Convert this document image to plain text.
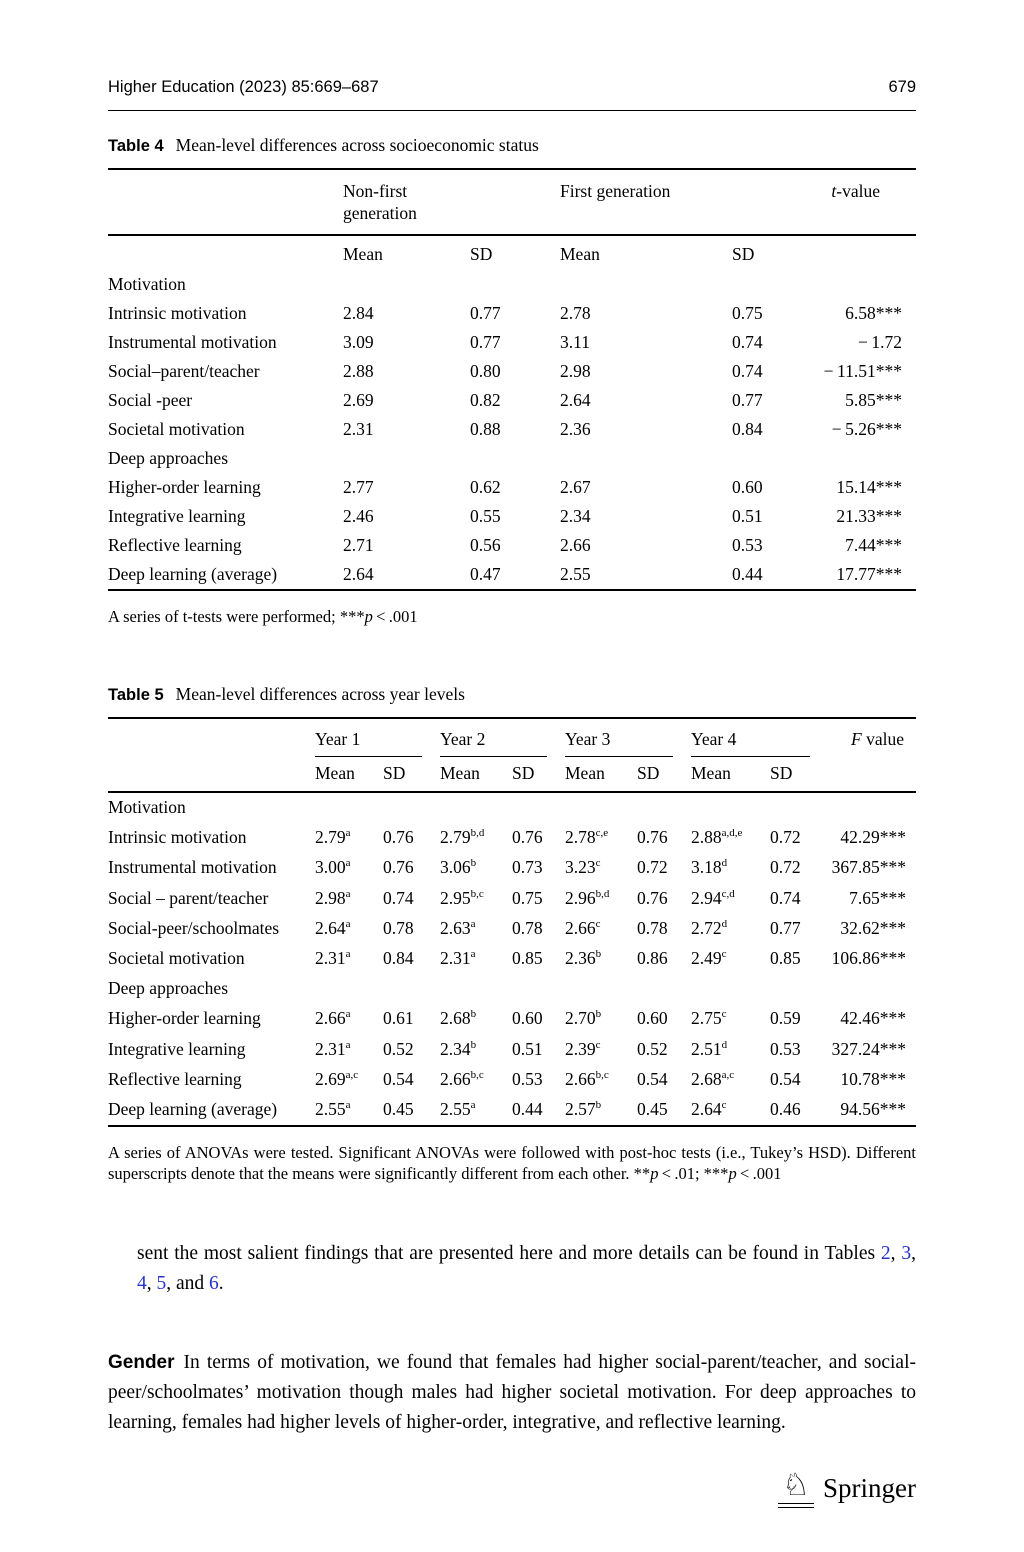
Higher Education (2023) 85:669–687	679
Table 4 Mean-level differences across socioeconomic status

	Non-first generation		First generation		t-value
	Mean	SD	Mean	SD	
Motivation					
Intrinsic motivation	2.84	0.77	2.78	0.75	6.58***
Instrumental motivation	3.09	0.77	3.11	0.74	− 1.72
Social–parent/teacher	2.88	0.80	2.98	0.74	− 11.51***
Social -peer	2.69	0.82	2.64	0.77	5.85***
Societal motivation	2.31	0.88	2.36	0.84	− 5.26***
Deep approaches					
Higher-order learning	2.77	0.62	2.67	0.60	15.14***
Integrative learning	2.46	0.55	2.34	0.51	21.33***
Reflective learning	2.71	0.56	2.66	0.53	7.44***
Deep learning (average)	2.64	0.47	2.55	0.44	17.77***
A series of t-tests were performed; ***p < .001
Table 5 Mean-level differences across year levels

	Year 1		Year 2		Year 3		Year 4		F value
	Mean	SD	Mean	SD	Mean	SD	Mean	SD	
Motivation									
Intrinsic motivation	2.79$^a$	0.76	2.79$^{b,d}$	0.76	2.78$^{c,e}$	0.76	2.88$^{a,d,e}$	0.72	42.29***
Instrumental motivation	3.00$^a$	0.76	3.06$^b$	0.73	3.23$^c$	0.72	3.18$^d$	0.72	367.85***
Social – parent/teacher	2.98$^a$	0.74	2.95$^{b,c}$	0.75	2.96$^{b,d}$	0.76	2.94$^{c,d}$	0.74	7.65***
Social-peer/schoolmates	2.64$^a$	0.78	2.63$^a$	0.78	2.66$^c$	0.78	2.72$^d$	0.77	32.62***
Societal motivation	2.31$^a$	0.84	2.31$^a$	0.85	2.36$^b$	0.86	2.49$^c$	0.85	106.86***
Deep approaches									
Higher-order learning	2.66$^a$	0.61	2.68$^b$	0.60	2.70$^b$	0.60	2.75$^c$	0.59	42.46***
Integrative learning	2.31$^a$	0.52	2.34$^b$	0.51	2.39$^c$	0.52	2.51$^d$	0.53	327.24***
Reflective learning	2.69$^{a,c}$	0.54	2.66$^{b,c}$	0.53	2.66$^{b,c}$	0.54	2.68$^{a,c}$	0.54	10.78***
Deep learning (average)	2.55$^a$	0.45	2.55$^a$	0.44	2.57$^b$	0.45	2.64$^c$	0.46	94.56***
A series of ANOVAs were tested. Significant ANOVAs were followed with post-hoc tests (i.e., Tukey’s HSD). Different superscripts denote that the means were significantly different from each other. **p < .01; ***p < .001
sent the most salient findings that are presented here and more details can be found in Tables 2, 3, 4, 5, and 6.
Gender In terms of motivation, we found that females had higher social-parent/teacher, and social-peer/schoolmates’ motivation though males had higher societal motivation. For deep approaches to learning, females had higher levels of higher-order, integrative, and reflective learning.
♘ Springer
